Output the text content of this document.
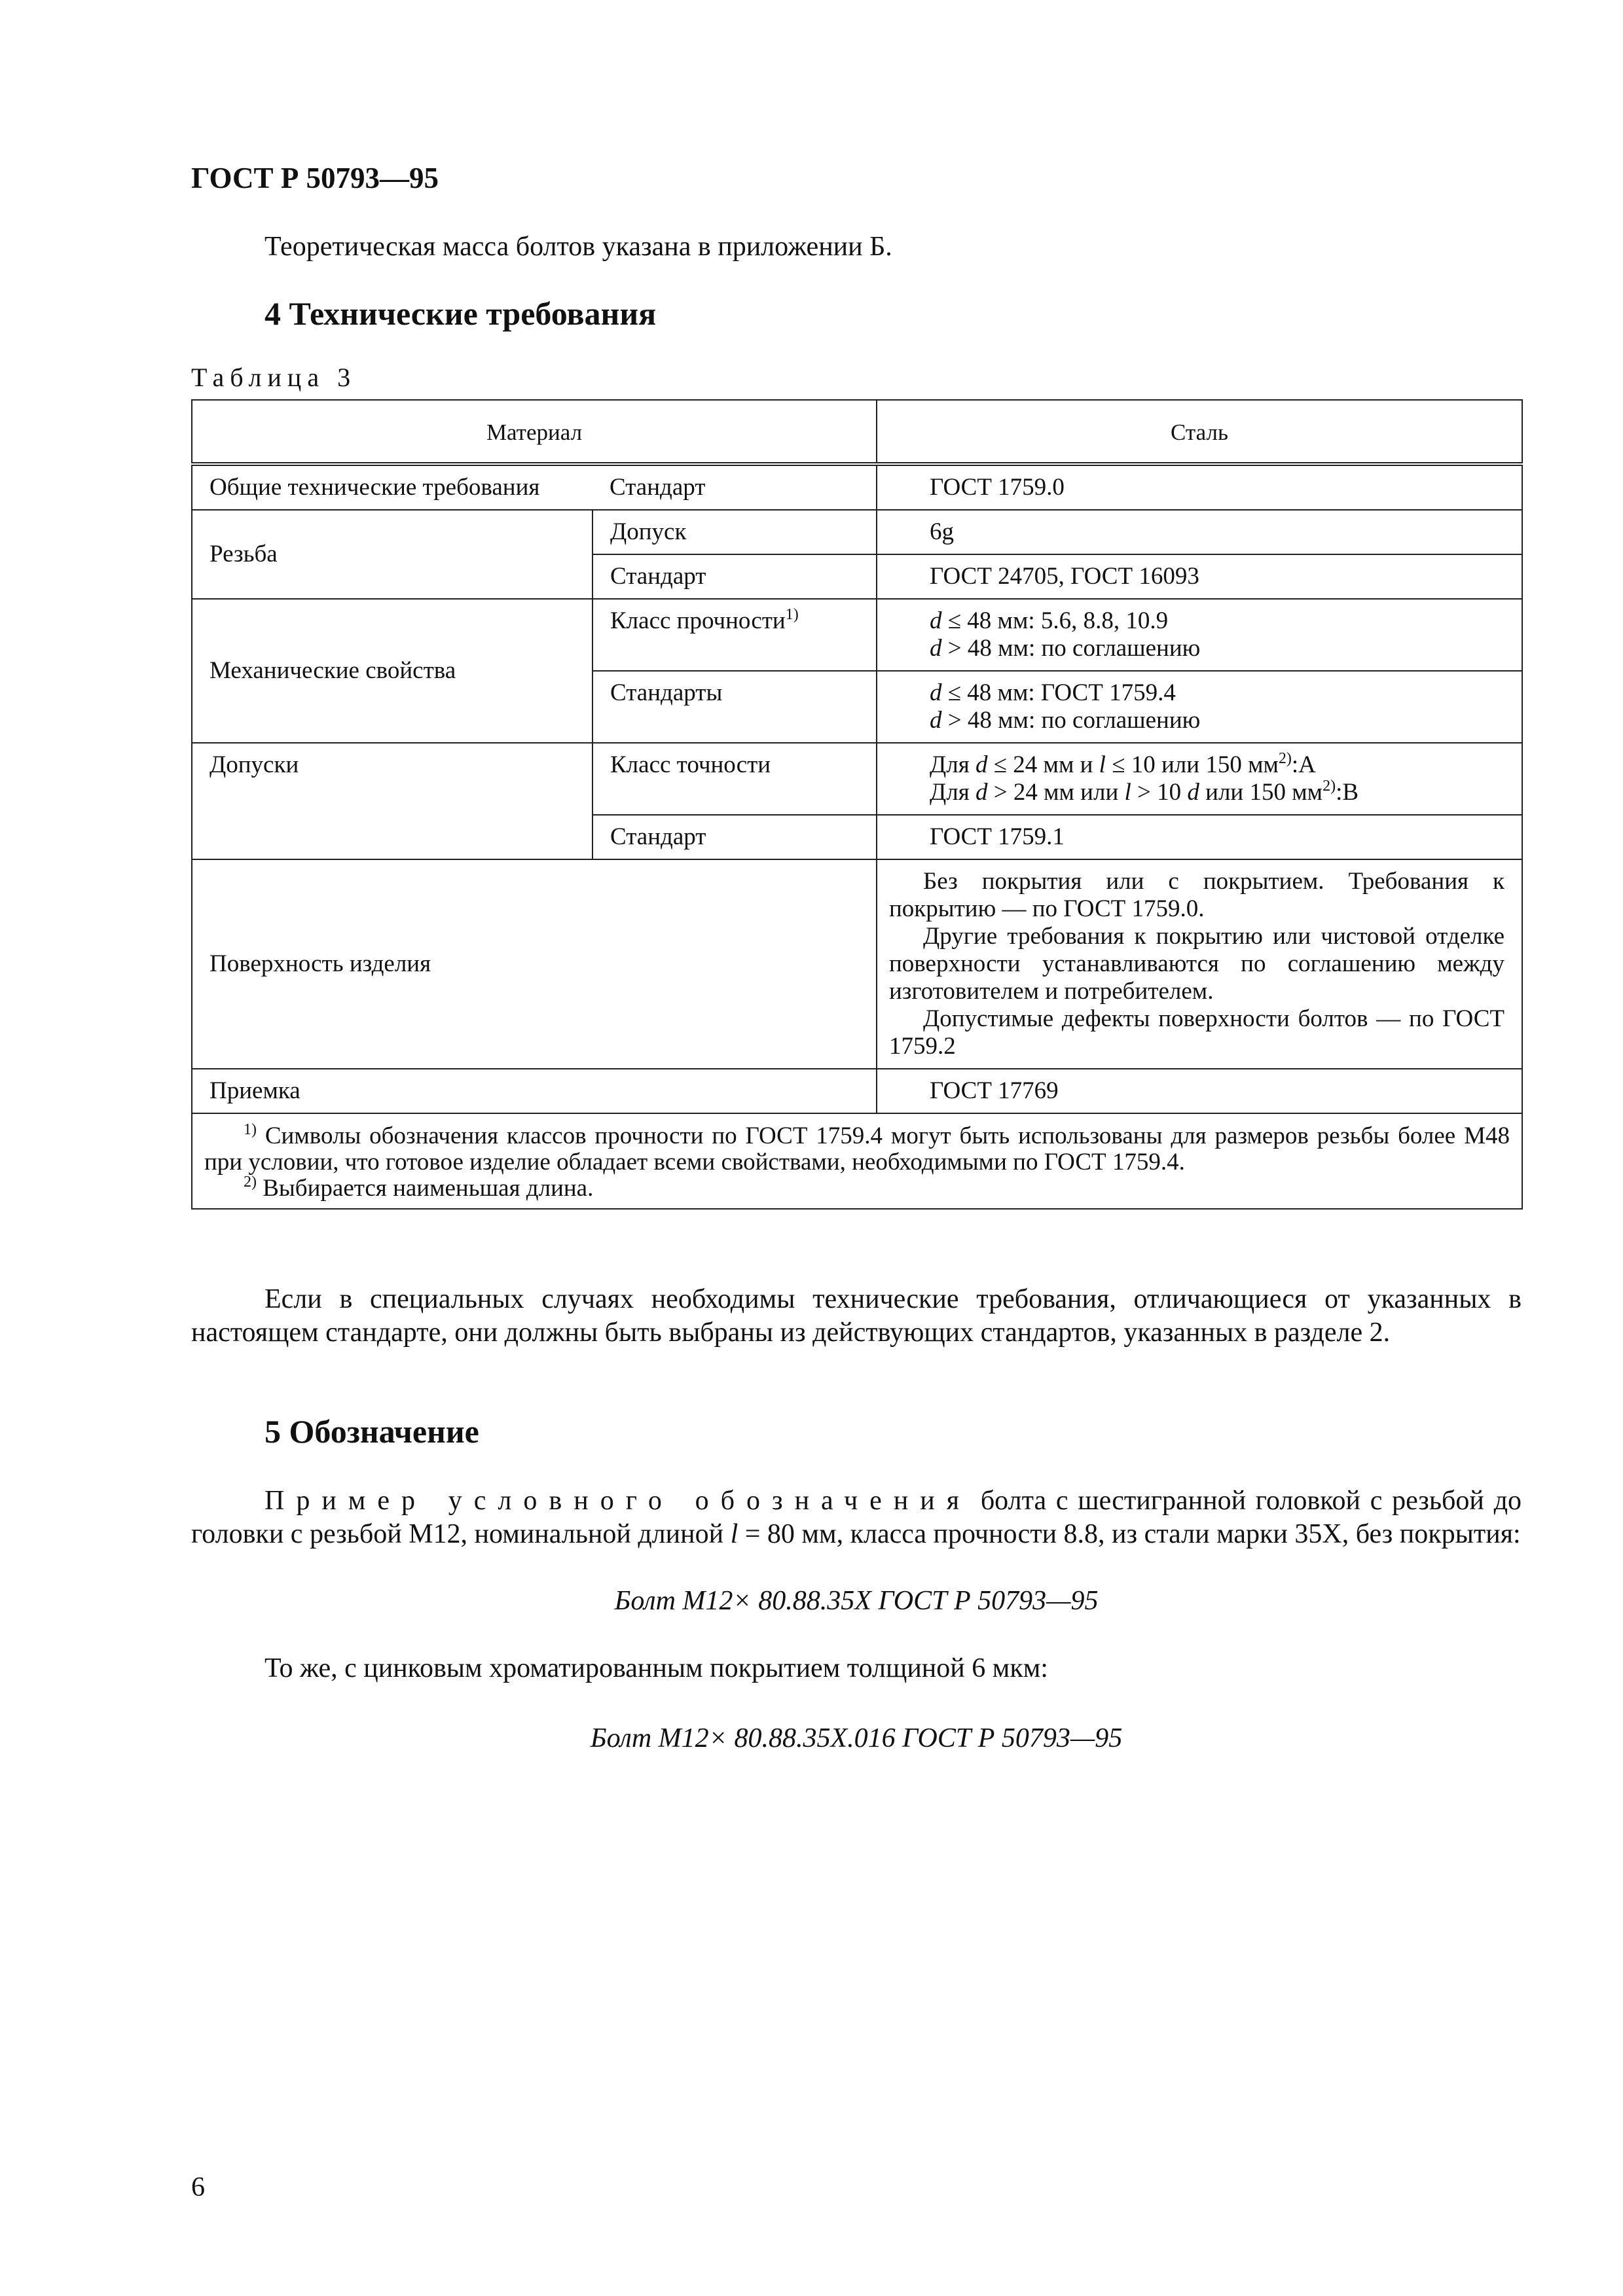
ГОСТ Р 50793—95
Теоретическая масса болтов указана в приложении Б.
4 Технические требования
Таблица 3
Материал		Сталь
Общие технические требования	Стандарт	ГОСТ 1759.0
Резьба	Допуск	6g
	Стандарт	ГОСТ 24705, ГОСТ 16093
Механические свойства	Класс прочности$^{1)}$	d ≤ 48 мм: 5.6, 8.8, 10.9
d > 48 мм: по соглашению

	Стандарты	d ≤ 48 мм: ГОСТ 1759.4
d > 48 мм: по соглашению

Допуски	Класс точности	Для d ≤ 24 мм и l ≤ 10 или 150 $мм^{2)}:А$
Для d > 24 мм или l > 10 d или 150 $мм^{2)}:В$

	Стандарт	ГОСТ 1759.1
Поверхность изделия		Без покрытия или с покрытием. Требования к покрытию — по ГОСТ 1759.0.

Другие требования к покрытию или чистовой отделке поверхности устанавливаются по соглашению между изготовителем и потребителем.

Допустимые дефекты поверхности болтов — по ГОСТ 1759.2

Приемка		ГОСТ 17769

$^{1)}$ Символы обозначения классов прочности по ГОСТ 1759.4 могут быть использованы для размеров резьбы более М48 при условии, что готовое изделие обладает всеми свойствами, необходимыми по ГОСТ 1759.4.

$^{2)}$ Выбирается наименьшая длина.		

Если в специальных случаях необходимы технические требования, отличающиеся от указанных в настоящем стандарте, они должны быть выбраны из действующих стандартов, указанных в разделе 2.
5 Обозначение
Пример условного обозначения болта с шестигранной головкой с резьбой до головки с резьбой М12, номинальной длиной l = 80 мм, класса прочности 8.8, из стали марки 35Х, без покрытия:
Болт М12× 80.88.35Х ГОСТ Р 50793—95
То же, с цинковым хроматированным покрытием толщиной 6 мкм:
Болт М12× 80.88.35Х.016 ГОСТ Р 50793—95
6
